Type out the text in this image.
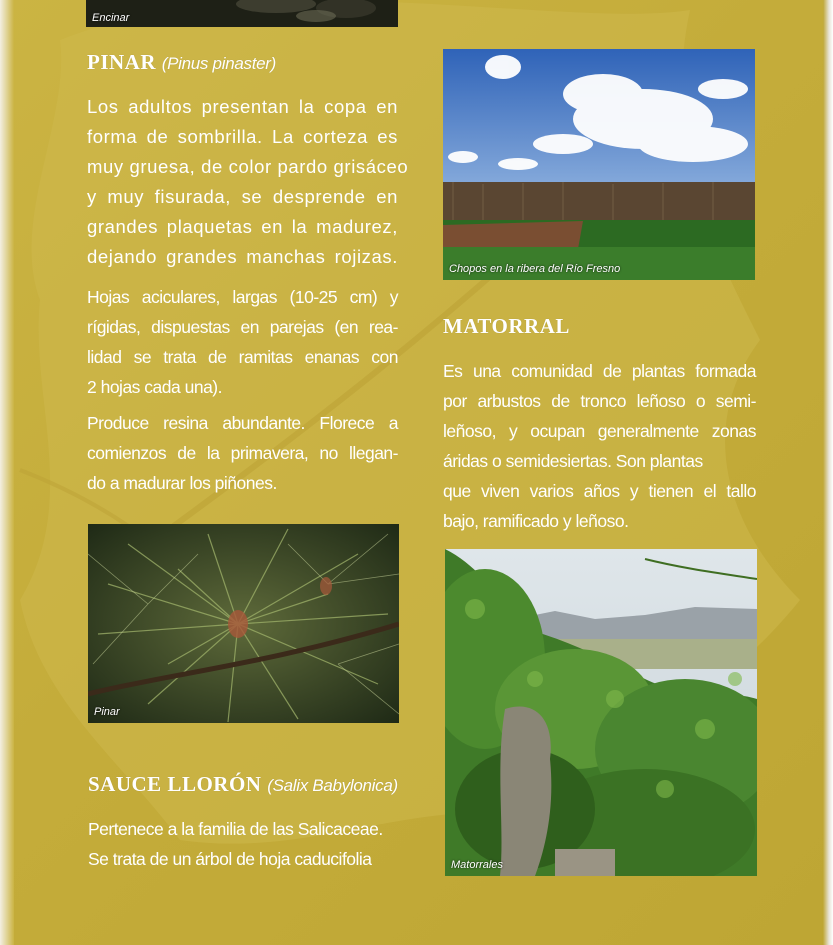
Encinar
PINAR (Pinus pinaster)
Los adultos presentan la copa en
forma de sombrilla. La corteza es
muy gruesa, de color pardo grisáceo
y muy fisurada, se desprende en
grandes plaquetas en la madurez,
dejando grandes manchas rojizas.
Hojas aciculares, largas (10-25 cm) y
rígidas, dispuestas en parejas (en rea-
lidad se trata de ramitas enanas con
2 hojas cada una).
Produce resina abundante. Florece a
comienzos de la primavera, no llegan-
do a madurar los piñones.
Pinar
SAUCE LLORÓN (Salix Babylonica)
Pertenece a la familia de las Salicaceae.
Se trata de un árbol de hoja caducifolia
Chopos en la ribera del Río Fresno
MATORRAL
Es una comunidad de plantas formada
por arbustos de tronco leñoso o semi-
leñoso, y ocupan generalmente zonas
áridas o semidesiertas. Son plantas
que viven varios años y tienen el tallo
bajo, ramificado y leñoso.
Matorrales
